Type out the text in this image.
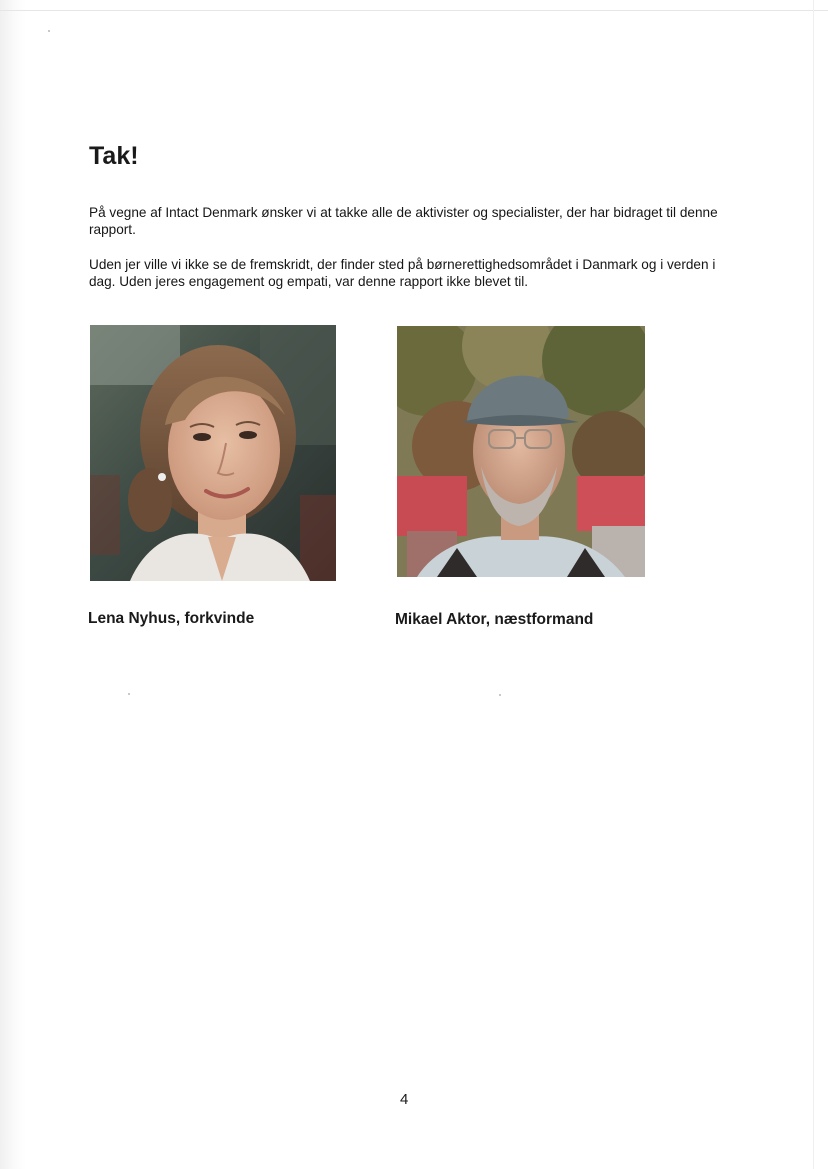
Tak!

På vegne af Intact Denmark ønsker vi at takke alle de aktivister og specialister, der har bidraget til denne rapport.

Uden jer ville vi ikke se de fremskridt, der finder sted på børnerettighedsområdet i Danmark og i verden i dag. Uden jeres engagement og empati, var denne rapport ikke blevet til.

Lena Nyhus, forkvinde	Mikael Aktor, næstformand

4
